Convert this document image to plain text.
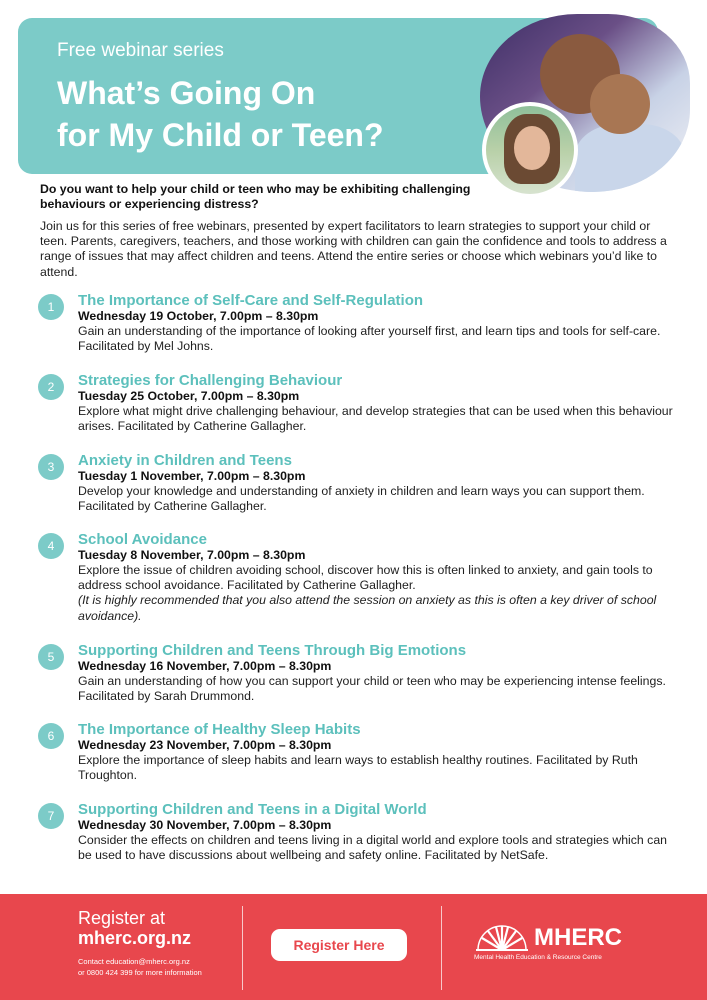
Free webinar series
What’s Going On
for My Child or Teen?
Do you want to help your child or teen who may be exhibiting challenging behaviours or experiencing distress?
Join us for this series of free webinars, presented by expert facilitators to learn strategies to support your child or teen. Parents, caregivers, teachers, and those working with children can gain the confidence and tools to address a range of issues that may affect children and teens. Attend the entire series or choose which webinars you’d like to attend.
1	The Importance of Self-Care and Self-Regulation
Wednesday 19 October, 7.00pm – 8.30pm
Gain an understanding of the importance of looking after yourself first, and learn tips and tools for self-care. Facilitated by Mel Johns.
2	Strategies for Challenging Behaviour
Tuesday 25 October, 7.00pm – 8.30pm
Explore what might drive challenging behaviour, and develop strategies that can be used when this behaviour arises. Facilitated by Catherine Gallagher.
3	Anxiety in Children and Teens
Tuesday 1 November, 7.00pm – 8.30pm
Develop your knowledge and understanding of anxiety in children and learn ways you can support them. Facilitated by Catherine Gallagher.
4	School Avoidance
Tuesday 8 November, 7.00pm – 8.30pm
Explore the issue of children avoiding school, discover how this is often linked to anxiety, and gain tools to address school avoidance. Facilitated by Catherine Gallagher.
(It is highly recommended that you also attend the session on anxiety as this is often a key driver of school avoidance).
5	Supporting Children and Teens Through Big Emotions
Wednesday 16 November, 7.00pm – 8.30pm
Gain an understanding of how you can support your child or teen who may be experiencing intense feelings. Facilitated by Sarah Drummond.
6	The Importance of Healthy Sleep Habits
Wednesday 23 November, 7.00pm – 8.30pm
Explore the importance of sleep habits and learn ways to establish healthy routines. Facilitated by Ruth Troughton.
7	Supporting Children and Teens in a Digital World
Wednesday 30 November, 7.00pm – 8.30pm
Consider the effects on children and teens living in a digital world and explore tools and strategies which can be used to have discussions about wellbeing and safety online. Facilitated by NetSafe.
Register at
mherc.org.nz
Contact education@mherc.org.nz
or 0800 424 399 for more information
Register Here	MHERC
Mental Health Education & Resource Centre
